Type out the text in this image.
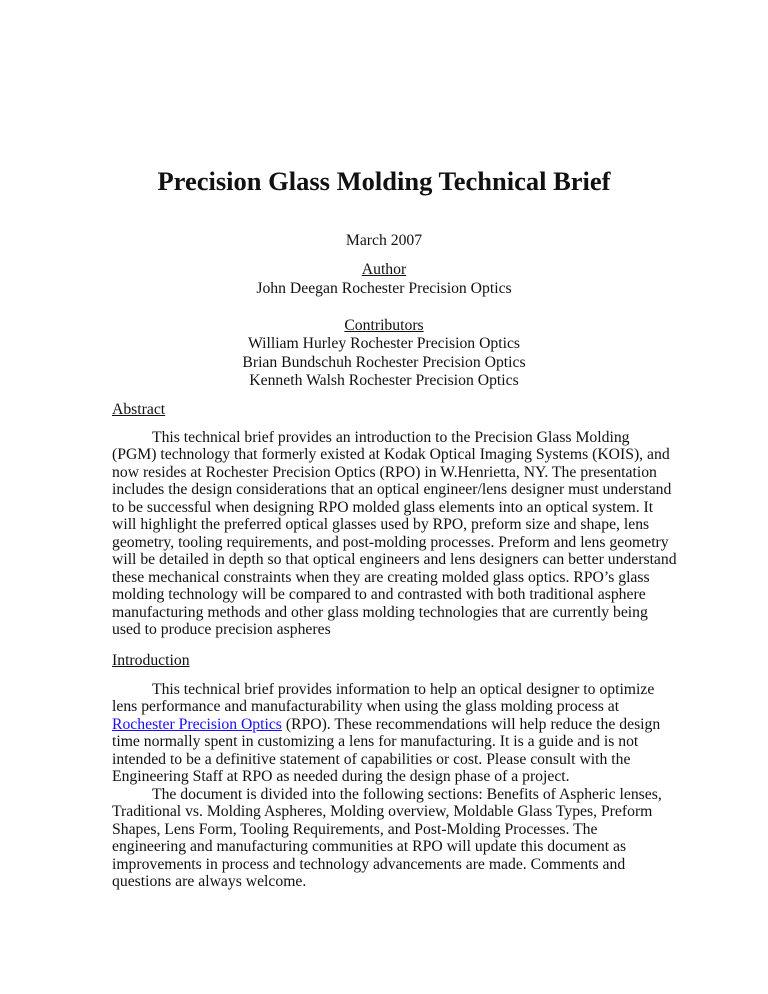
Precision Glass Molding Technical Brief
March 2007
Author
John Deegan Rochester Precision Optics
Contributors
William Hurley Rochester Precision Optics
Brian Bundschuh Rochester Precision Optics
Kenneth Walsh Rochester Precision Optics
Abstract
This technical brief provides an introduction to the Precision Glass Molding
(PGM) technology that formerly existed at Kodak Optical Imaging Systems (KOIS), and
now resides at Rochester Precision Optics (RPO) in W.Henrietta, NY. The presentation
includes the design considerations that an optical engineer/lens designer must understand
to be successful when designing RPO molded glass elements into an optical system. It
will highlight the preferred optical glasses used by RPO, preform size and shape, lens
geometry, tooling requirements, and post-molding processes. Preform and lens geometry
will be detailed in depth so that optical engineers and lens designers can better understand
these mechanical constraints when they are creating molded glass optics. RPO’s glass
molding technology will be compared to and contrasted with both traditional asphere
manufacturing methods and other glass molding technologies that are currently being
used to produce precision aspheres
Introduction
This technical brief provides information to help an optical designer to optimize
lens performance and manufacturability when using the glass molding process at
Rochester Precision Optics (RPO). These recommendations will help reduce the design
time normally spent in customizing a lens for manufacturing. It is a guide and is not
intended to be a definitive statement of capabilities or cost. Please consult with the
Engineering Staff at RPO as needed during the design phase of a project.
The document is divided into the following sections: Benefits of Aspheric lenses,
Traditional vs. Molding Aspheres, Molding overview, Moldable Glass Types, Preform
Shapes, Lens Form, Tooling Requirements, and Post-Molding Processes. The
engineering and manufacturing communities at RPO will update this document as
improvements in process and technology advancements are made. Comments and
questions are always welcome.
